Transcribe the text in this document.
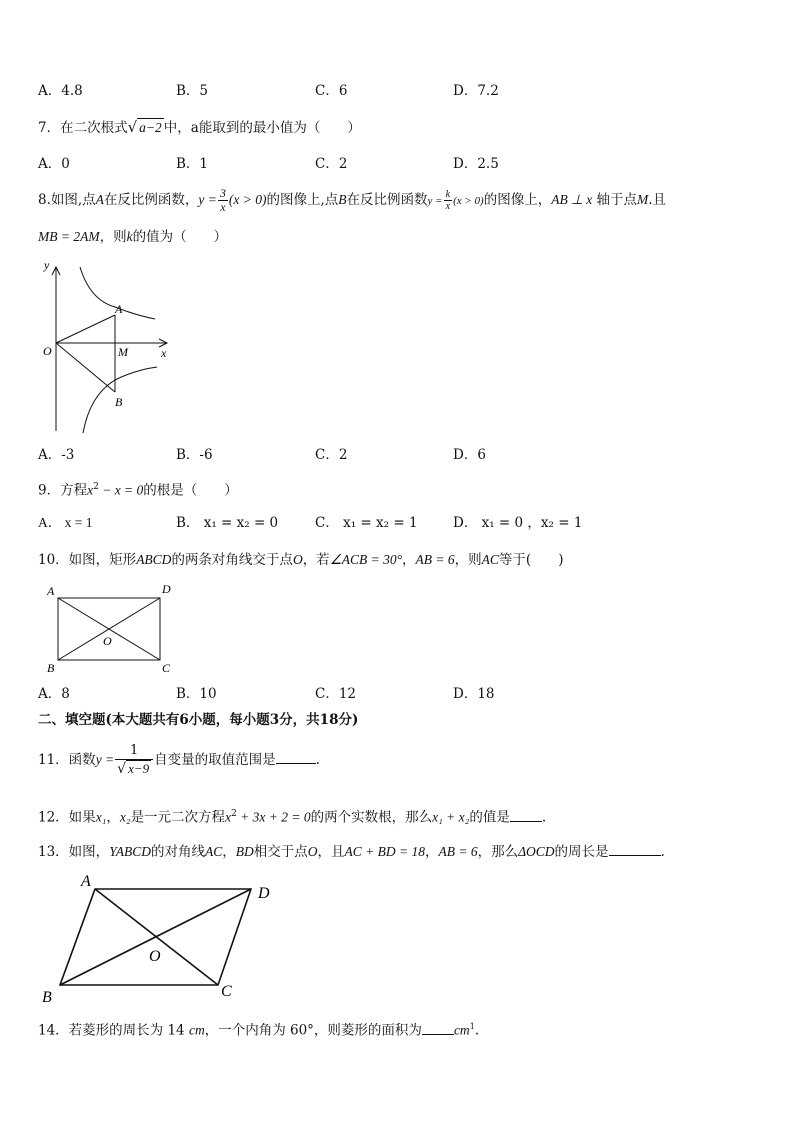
A．4.8	B．5	C．6	D．7.2
7．在二次根式√ a−2 中，a能取到的最小值为（　　）
A．0	B．1	C．2	D．2.5
8.如图,点A在反比例函数，$y = \frac{3}{x} (x > 0)$的图像上,点B在反比例函数$y = \frac{k}{x} (x > 0)$的图像上，AB ⊥ x 轴于点M.且
MB = 2AM，则k的值为（　　）
y
x
O
A
M
B
A．-3	B．-6	C．2	D．6
9．方程$x^2 - x = 0$的根是（　　）
A． x = 1	B． x₁ = x₂ = 0	C． x₁ = x₂ = 1	D． x₁ = 0 ，x₂ = 1
10．如图，矩形ABCD的两条对角线交于点O，若∠ACB = 30°，AB = 6，则AC等于(　　)
A	D
O
B	C
A．8	B．10	C．12	D．18
二、填空题(本大题共有6小题，每小题3分，共18分)
11．函数$y = \frac{1}{√ x-9}$ 自变量的取值范围是	.
12．如果x₁，x₂是一元二次方程$x^2 + 3x + 2 = 0$的两个实数根，那么x₁ + x₂的值是 .
13．如图，YABCD的对角线AC，BD相交于点O，且AC + BD = 18，AB = 6，那么ΔOCD的周长是	.
A
D
O
B	C
14．若菱形的周长为 14 cm，一个内角为 60°，则菱形的面积为 $cm^1$.
